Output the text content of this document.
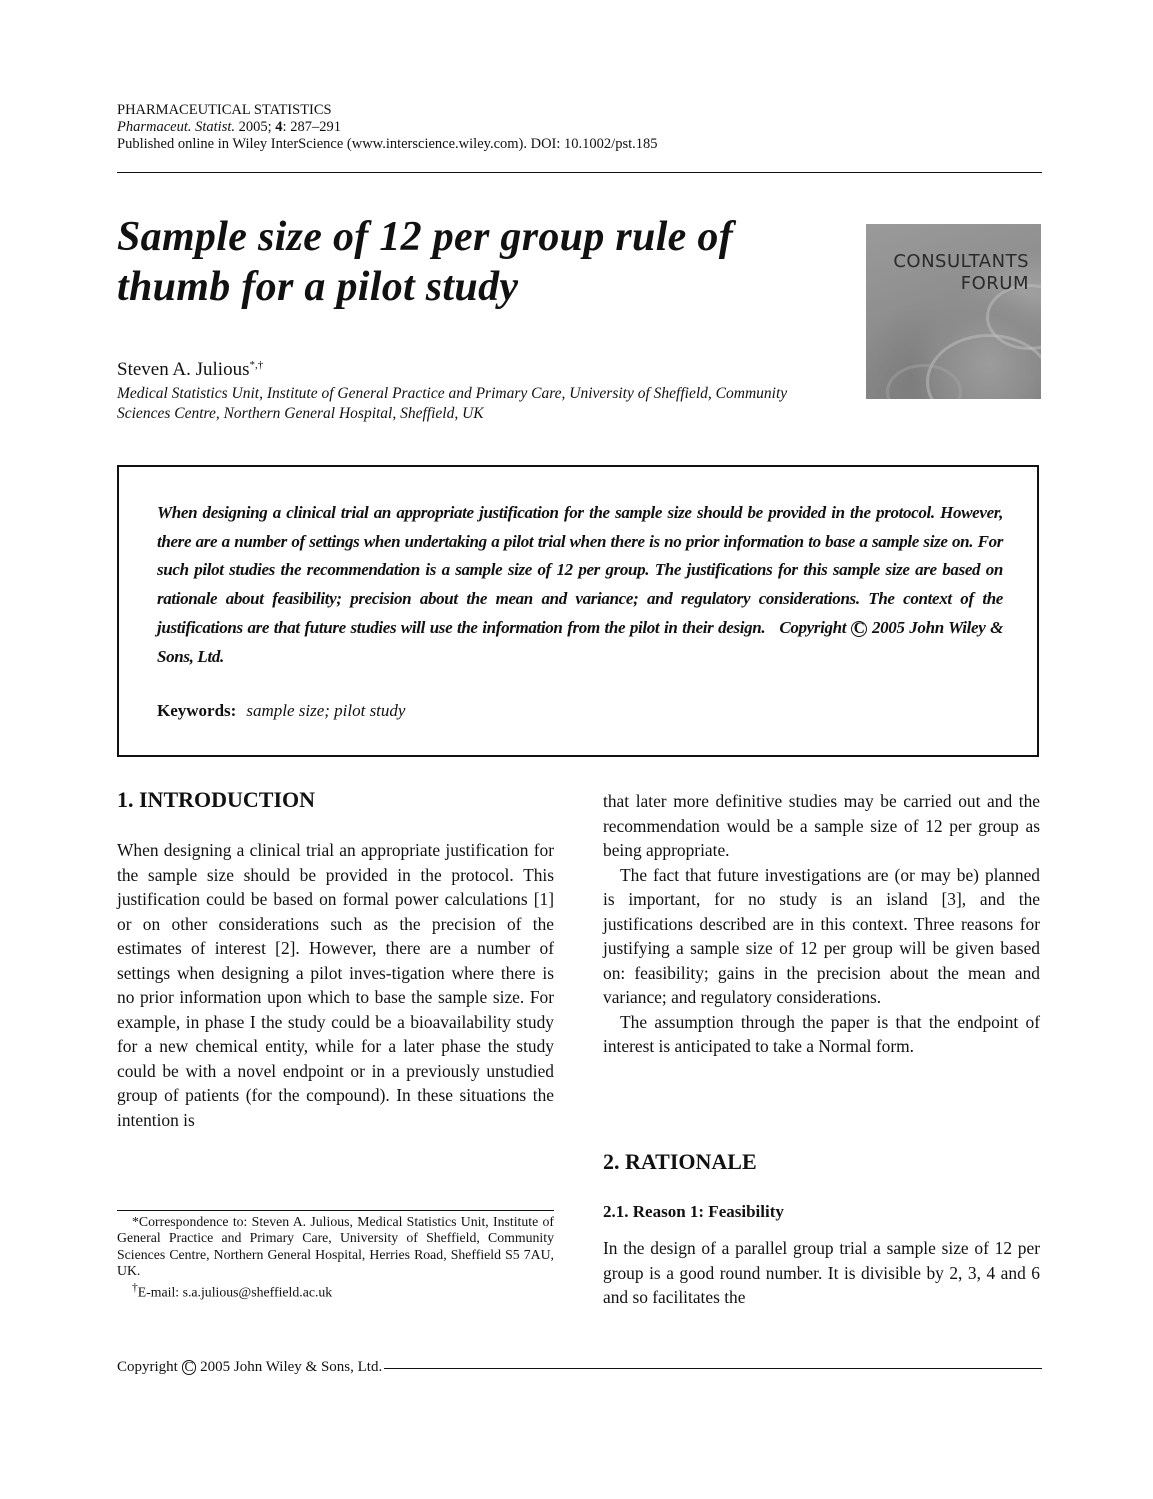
PHARMACEUTICAL STATISTICS
Pharmaceut. Statist. 2005; 4: 287–291
Published online in Wiley InterScience (www.interscience.wiley.com). DOI: 10.1002/pst.185
Sample size of 12 per group rule of
thumb for a pilot study
CONSULTANTS
FORUM
Steven A. Julious*,†
Medical Statistics Unit, Institute of General Practice and Primary Care, University of Sheffield, Community Sciences Centre, Northern General Hospital, Sheffield, UK
When designing a clinical trial an appropriate justification for the sample size should be provided in the protocol. However, there are a number of settings when undertaking a pilot trial when there is no prior information to base a sample size on. For such pilot studies the recommendation is a sample size of 12 per group. The justifications for this sample size are based on rationale about feasibility; precision about the mean and variance; and regulatory considerations. The context of the justifications are that future studies will use the information from the pilot in their design. Copyright C 2005 John Wiley & Sons, Ltd.
Keywords: sample size; pilot study
1. INTRODUCTION

When designing a clinical trial an appropriate justification for the sample size should be provided in the protocol. This justification could be based on formal power calculations [1] or on other considerations such as the precision of the estimates of interest [2]. However, there are a number of settings when designing a pilot inves-tigation where there is no prior information upon which to base the sample size. For example, in phase I the study could be a bioavailability study for a new chemical entity, while for a later phase the study could be with a novel endpoint or in a previously unstudied group of patients (for the compound). In these situations the intention is

*Correspondence to: Steven A. Julious, Medical Statistics Unit, Institute of General Practice and Primary Care, University of Sheffield, Community Sciences Centre, Northern General Hospital, Herries Road, Sheffield S5 7AU, UK.

†E-mail: s.a.julious@sheffield.ac.uk

that later more definitive studies may be carried out and the recommendation would be a sample size of 12 per group as being appropriate.

The fact that future investigations are (or may be) planned is important, for no study is an island [3], and the justifications described are in this context. Three reasons for justifying a sample size of 12 per group will be given based on: feasibility; gains in the precision about the mean and variance; and regulatory considerations.

The assumption through the paper is that the endpoint of interest is anticipated to take a Normal form.

2. RATIONALE
2.1. Reason 1: Feasibility

In the design of a parallel group trial a sample size of 12 per group is a good round number. It is divisible by 2, 3, 4 and 6 and so facilitates the

Copyright C 2005 John Wiley & Sons, Ltd.
